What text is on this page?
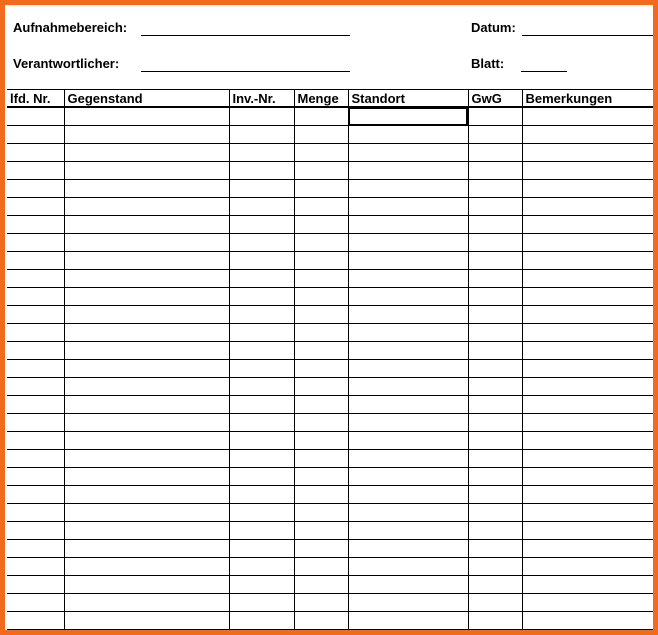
Aufnahmebereich:	Datum:
Verantwortlicher:	Blatt:
lfd. Nr.	Gegenstand	Inv.-Nr.	Menge	Standort	GwG	Bemerkungen
